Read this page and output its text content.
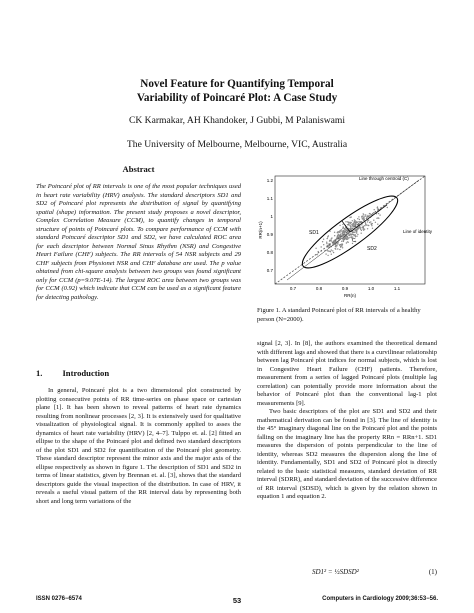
Novel Feature for Quantifying Temporal
Variability of Poincaré Plot: A Case Study
CK Karmakar, AH Khandoker, J Gubbi, M Palaniswami
The University of Melbourne, Melbourne, VIC, Australia
Abstract
The Poincaré plot of RR intervals is one of the most popular techniques used in heart rate variability (HRV) analysis. The standard descriptors SD1 and SD2 of Poincaré plot represents the distribution of signal by quantifying spatial (shape) information. The present study proposes a novel descriptor, Complex Correlation Measure (CCM), to quantify changes in temporal structure of points of Poincaré plots. To compare performance of CCM with standard Poincaré descriptor SD1 and SD2, we have calculated ROC area for each descriptor between Normal Sinus Rhythm (NSR) and Congestive Heart Failure (CHF) subjects. The RR intervals of 54 NSR subjects and 29 CHF subjects from Physionet NSR and CHF database are used. The p value obtained from chi-square analysis between two groups was found significant only for CCM (p=9.07E-14). The largest ROC area between two groups was for CCM (0.92) which indicate that CCM can be used as a significant feature for detecting pathology.
1. Introduction

In general, Poincaré plot is a two dimensional plot constructed by plotting consecutive points of RR time-series on phase space or cartesian plane [1]. It has been shown to reveal patterns of heart rate dynamics resulting from nonlinear processes [2, 3]. It is extensively used for qualitative visualization of physiological signal. It is commonly applied to asses the dynamics of heart rate variability (HRV) [2, 4–7]. Tulppo et. al. [2] fitted an ellipse to the shape of the Poincaré plot and defined two standard descriptors of the plot SD1 and SD2 for quantification of the Poincaré plot geometry. These standard descriptor represent the minor axis and the major axis of the ellipse respectively as shown in figure 1. The description of SD1 and SD2 in terms of linear statistics, given by Brennan et. al. [3], shows that the standard descriptors guide the visual inspection of the distribution. In case of HRV, it reveals a useful visual pattern of the RR interval data by representing both short and long term variations of the

Line through centroid (C)
Line of identity
SD1
SD2
C
0.7	0.8	0.9	1.0	1.1
0.7
0.8
0.9
1
1.1
1.2
RR(n)
RR(n+1)
Figure 1. A standard Poincaré plot of RR intervals of a healthy person (N=2000).

signal [2, 3]. In [8], the authors examined the theoretical demand with different lags and showed that there is a curvilinear relationship between lag Poincaré plot indices for normal subjects, which is lost in Congestive Heart Failure (CHF) patients. Therefore, measurement from a series of lagged Poincaré plots (multiple lag correlation) can potentially provide more information about the behavior of Poincaré plot than the conventional lag-1 plot measurements [9].

Two basic descriptors of the plot are SD1 and SD2 and their mathematical derivation can be found in [3]. The line of identity is the 45° imaginary diagonal line on the Poincaré plot and the points falling on the imaginary line has the property RRn = RRn+1. SD1 measures the dispersion of points perpendicular to the line of identity, whereas SD2 measures the dispersion along the line of identity. Fundamentally, SD1 and SD2 of Poincaré plot is directly related to the basic statistical measures, standard deviation of RR interval (SDRR), and standard deviation of the successive difference of RR interval (SDSD), which is given by the relation shown in equation 1 and equation 2.

SD1² = ½SDSD²	(1)
ISSN 0276−6574	53	Computers in Cardiology 2009;36:53−56.
